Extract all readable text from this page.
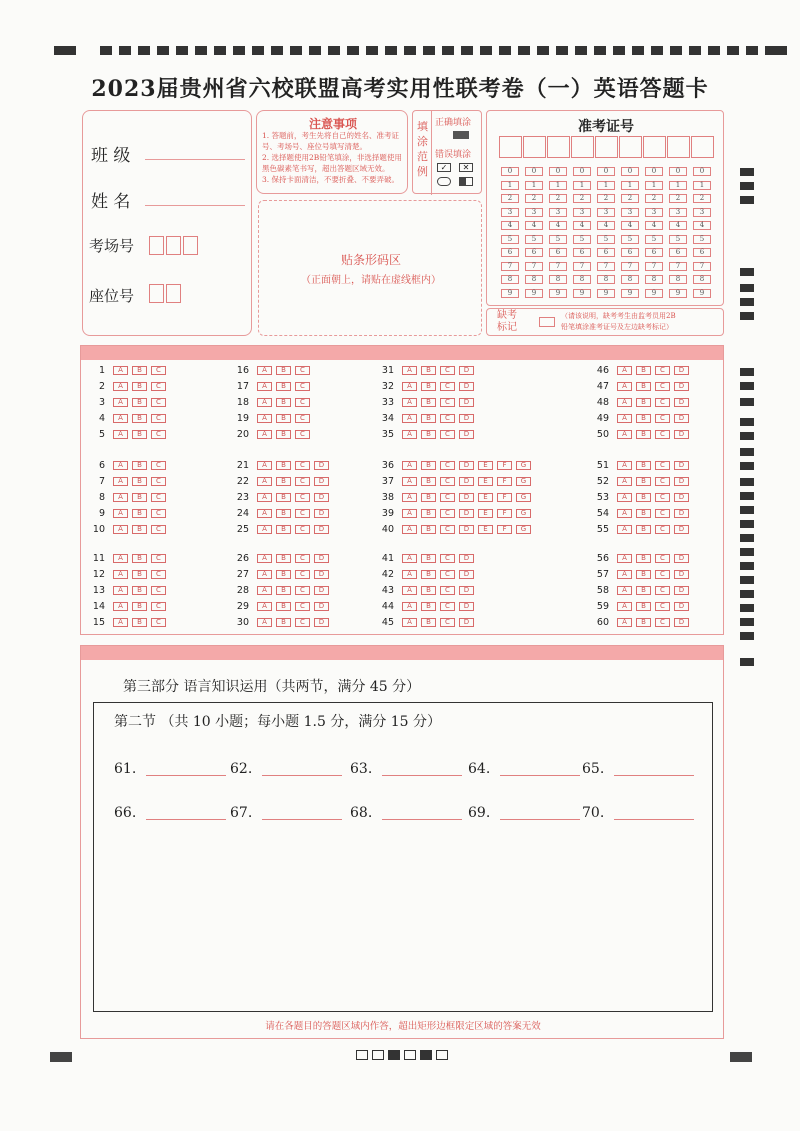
2023届贵州省六校联盟高考实用性联考卷（一）英语答题卡
班 级
姓 名
考场号
座位号
注意事项
1. 答题前，考生先将自己的姓名、准考证
号、考场号、座位号填写清楚。
2. 选择题使用2B铅笔填涂，非选择题使用
黑色碳素笔书写，超出答题区域无效。
3. 保持卡面清洁，不要折叠、不要弄破。
填
涂
范
例
正确填涂
错误填涂
✓	✕
贴条形码区
（正面朝上，请贴在虚线框内）
准考证号
0
1
2
3
4
5
6
7
8
9
0
1
2
3
4
5
6
7
8
9
0
1
2
3
4
5
6
7
8
9
0
1
2
3
4
5
6
7
8
9
0
1
2
3
4
5
6
7
8
9
0
1
2
3
4
5
6
7
8
9
0
1
2
3
4
5
6
7
8
9
0
1
2
3
4
5
6
7
8
9
0
1
2
3
4
5
6
7
8
9
缺考
标记
（请该说明，缺考考生由监考员用2B
铅笔填涂准考证号及左边缺考标记）
1	A	B	C
2	A	B	C
3	A	B	C
4	A	B	C
5	A	B	C
6	A	B	C
7	A	B	C
8	A	B	C
9	A	B	C
10	A	B	C
11	A	B	C
12	A	B	C
13	A	B	C
14	A	B	C
15	A	B	C
16	A	B	C
17	A	B	C
18	A	B	C
19	A	B	C
20	A	B	C
21	A	B	C	D
22	A	B	C	D
23	A	B	C	D
24	A	B	C	D
25	A	B	C	D
26	A	B	C	D
27	A	B	C	D
28	A	B	C	D
29	A	B	C	D
30	A	B	C	D
31	A	B	C	D
32	A	B	C	D
33	A	B	C	D
34	A	B	C	D
35	A	B	C	D
36	A	B	C	D	E	F	G
37	A	B	C	D	E	F	G
38	A	B	C	D	E	F	G
39	A	B	C	D	E	F	G
40	A	B	C	D	E	F	G
41	A	B	C	D
42	A	B	C	D
43	A	B	C	D
44	A	B	C	D
45	A	B	C	D
46	A	B	C	D
47	A	B	C	D
48	A	B	C	D
49	A	B	C	D
50	A	B	C	D
51	A	B	C	D
52	A	B	C	D
53	A	B	C	D
54	A	B	C	D
55	A	B	C	D
56	A	B	C	D
57	A	B	C	D
58	A	B	C	D
59	A	B	C	D
60	A	B	C	D
第三部分 语言知识运用（共两节，满分 45 分）
第二节 （共 10 小题；每小题 1.5 分，满分 15 分）
61.	62.	63.	64.	65.
66.	67.	68.	69.	70.
请在各题目的答题区域内作答，超出矩形边框限定区域的答案无效
